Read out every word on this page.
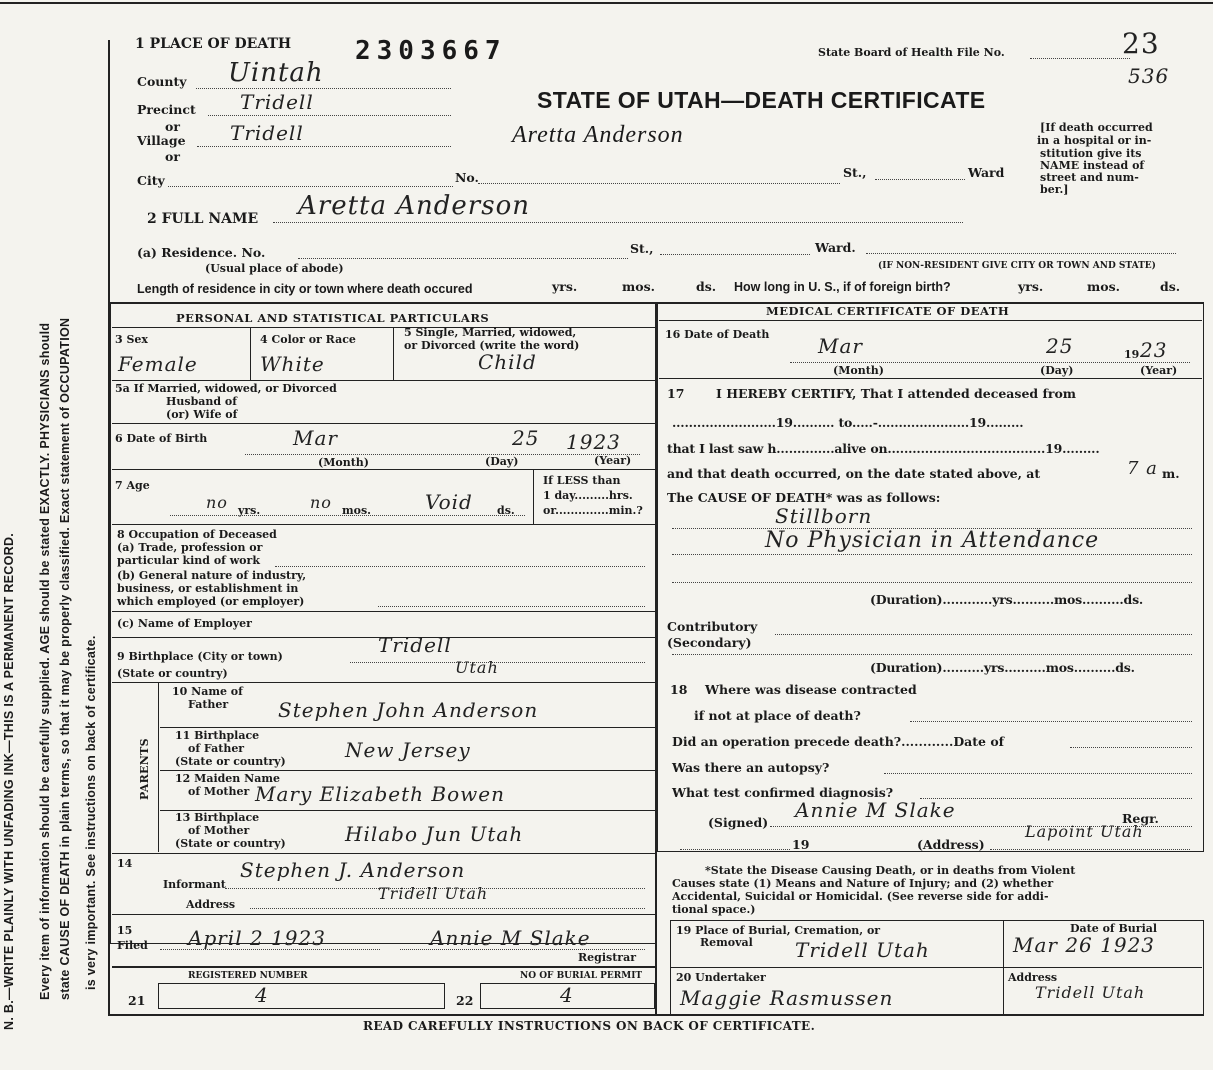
N. B.—WRITE PLAINLY WITH UNFADING INK—THIS IS A PERMANENT RECORD. Every item of information should be carefully supplied. AGE should be stated EXACTLY. PHYSICIANS should state CAUSE OF DEATH in plain terms, so that it may be properly classified. Exact statement of OCCUPATION is very important. See instructions on back of certificate.
1 PLACE OF DEATH 2303667	State Board of Health File No.	23
536
STATE OF UTAH—DEATH CERTIFICATE
County Uintah
Precinct Tridell
or
Village Tridell
or
City	No.	St.,	Ward
Aretta Anderson	[If death occurred
in a hospital or in-
stitution give its
NAME instead of
street and num-
ber.]
2 FULL NAME Aretta Anderson
(a) Residence. No.	St.,	Ward.
(Usual place of abode)	(IF NON-RESIDENT GIVE CITY OR TOWN AND STATE)
Length of residence in city or town where death occured	yrs.	mos.	ds. How long in U. S., if of foreign birth?	yrs.	mos.	ds.
PERSONAL AND STATISTICAL PARTICULARS
3 Sex	4 Color or Race
5 Single, Married, widowed,
or Divorced (write the word)
Female	White	Child
5a If Married, widowed, or Divorced
Husband of
(or) Wife of
6 Date of Birth	Mar	25 1923
(Month)	(Day)	(Year)
7 Age
no yrs.	no mos.	Void ds.
If LESS than
1 day.........hrs.
or..............min.?
8 Occupation of Deceased
(a) Trade, profession or
particular kind of work
(b) General nature of industry,
business, or establishment in
which employed (or employer)
(c) Name of Employer
9 Birthplace (City or town)
(State or country)
Tridell
Utah
PARENTS
10 Name of
Father Stephen John Anderson
11 Birthplace
of Father
(State or country)	New Jersey
12 Maiden Name
of Mother Mary Elizabeth Bowen
13 Birthplace
of Mother
(State or country)	Hilabo Jun Utah
14
Informant
Stephen J. Anderson
Address
Tridell Utah
15
Filed April 2 1923	Annie M Slake
Registrar
REGISTERED NUMBER
21	4
NO OF BURIAL PERMIT
22	4
MEDICAL CERTIFICATE OF DEATH
16 Date of Death Mar	25	19 23
(Month)	(Day)	(Year)
17	I HEREBY CERTIFY, That I attended deceased from
.........................19.......... to.....-......................19.........
that I last saw h..............alive on......................................19.........
and that death occurred, on the date stated above, at	7 a m.
The CAUSE OF DEATH* was as follows:
Stillborn
No Physician in Attendance
(Duration)............yrs..........mos..........ds.
Contributory
(Secondary)
(Duration)..........yrs..........mos..........ds.
18 Where was disease contracted
if not at place of death?
Did an operation precede death?............Date of
Was there an autopsy?
What test confirmed diagnosis?
(Signed)
Annie M Slake	Regr.
19	(Address)
Lapoint Utah
*State the Disease Causing Death, or in deaths from Violent
Causes state (1) Means and Nature of Injury; and (2) whether
Accidental, Suicidal or Homicidal. (See reverse side for addi-
tional space.)
19 Place of Burial, Cremation, or
Removal Tridell Utah
Date of Burial
Mar 26 1923
20 Undertaker
Maggie Rasmussen
Address
Tridell Utah
READ CAREFULLY INSTRUCTIONS ON BACK OF CERTIFICATE.
